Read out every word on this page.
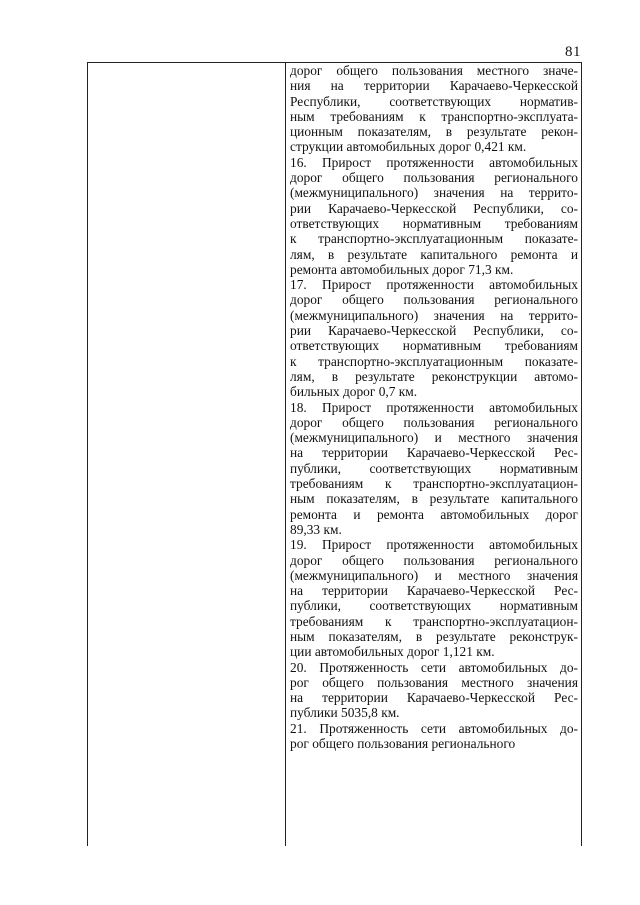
81
дорог общего пользования местного значе-
ния на территории Карачаево-Черкесской
Республики, соответствующих норматив-
ным требованиям к транспортно-эксплуата-
ционным показателям, в результате рекон-
струкции автомобильных дорог 0,421 км.
16. Прирост протяженности автомобильных
дорог общего пользования регионального
(межмуниципального) значения на террито-
рии Карачаево-Черкесской Республики, со-
ответствующих нормативным требованиям
к транспортно-эксплуатационным показате-
лям, в результате капитального ремонта и
ремонта автомобильных дорог 71,3 км.
17. Прирост протяженности автомобильных
дорог общего пользования регионального
(межмуниципального) значения на террито-
рии Карачаево-Черкесской Республики, со-
ответствующих нормативным требованиям
к транспортно-эксплуатационным показате-
лям, в результате реконструкции автомо-
бильных дорог 0,7 км.
18. Прирост протяженности автомобильных
дорог общего пользования регионального
(межмуниципального) и местного значения
на территории Карачаево-Черкесской Рес-
публики, соответствующих нормативным
требованиям к транспортно-эксплуатацион-
ным показателям, в результате капитального
ремонта и ремонта автомобильных дорог
89,33 км.
19. Прирост протяженности автомобильных
дорог общего пользования регионального
(межмуниципального) и местного значения
на территории Карачаево-Черкесской Рес-
публики, соответствующих нормативным
требованиям к транспортно-эксплуатацион-
ным показателям, в результате реконструк-
ции автомобильных дорог 1,121 км.
20. Протяженность сети автомобильных до-
рог общего пользования местного значения
на территории Карачаево-Черкесской Рес-
публики 5035,8 км.
21. Протяженность сети автомобильных до-
рог общего пользования регионального
